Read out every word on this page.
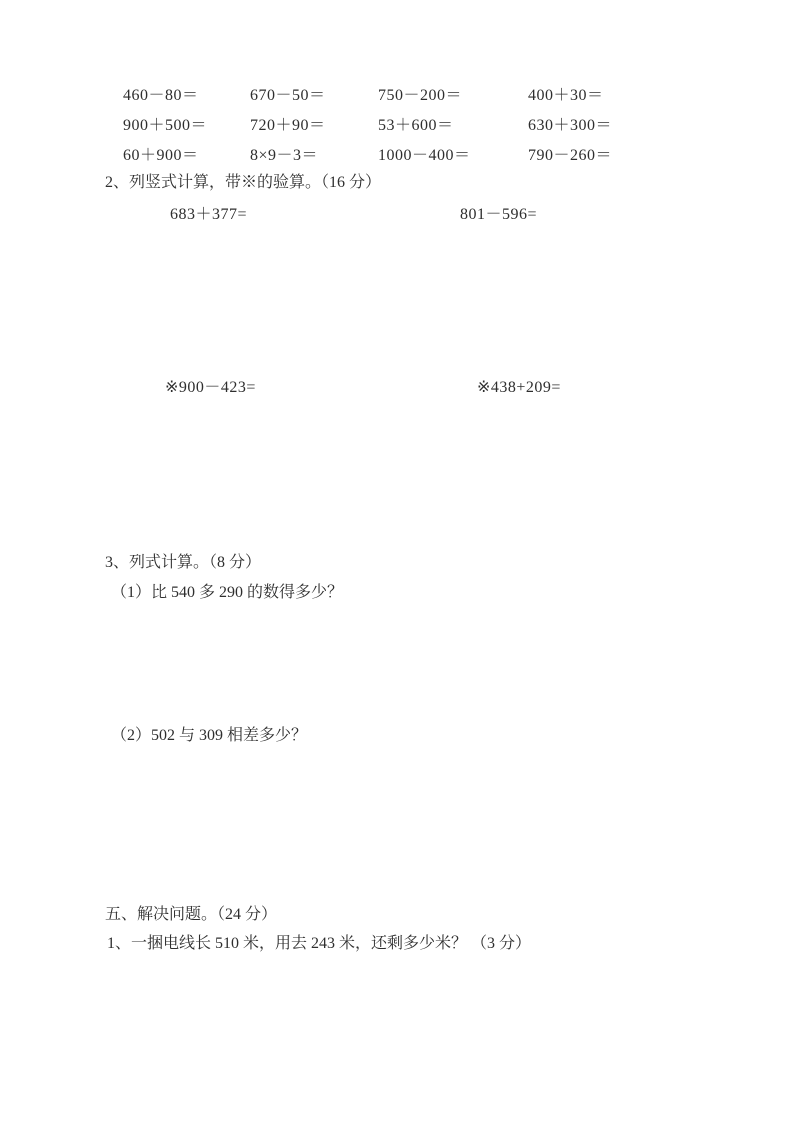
460－80＝	670－50＝	750－200＝	400＋30＝
900＋500＝	720＋90＝	53＋600＝	630＋300＝
60＋900＝	8×9－3＝	1000－400＝	790－260＝
2、列竖式计算，带※的验算。（16 分）
683＋377=	801－596=
※900－423=	※438+209=
3、列式计算。（8 分）
（1）比 540 多 290 的数得多少？
（2）502 与 309 相差多少？
五、解决问题。（24 分）
1、一捆电线长 510 米，用去 243 米，还剩多少米？ （3 分）
